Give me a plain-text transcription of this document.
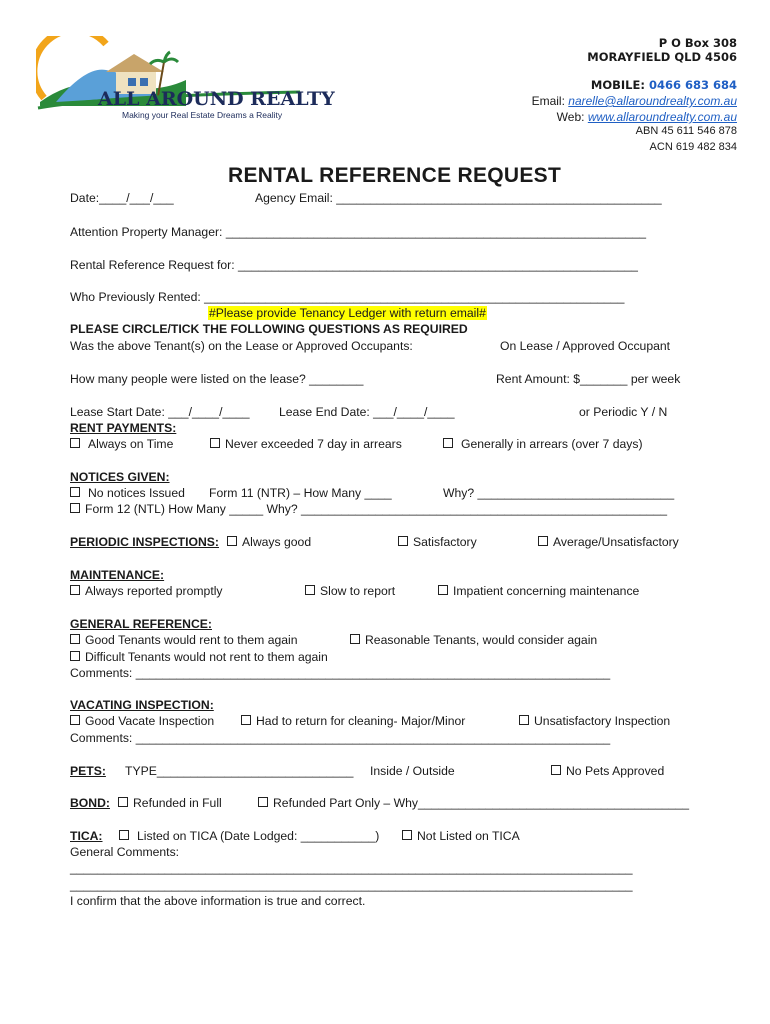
ALL AROUND REALTY
Making your Real Estate Dreams a Reality
P O Box 308
MORAYFIELD QLD 4506
MOBILE: 0466 683 684
Email: narelle@allaroundrealty.com.au
Web: www.allaroundrealty.com.au
ABN 45 611 546 878
ACN 619 482 834
RENTAL REFERENCE REQUEST
Date:____/___/___	Agency Email: ________________________________________________
Attention Property Manager: ______________________________________________________________
Rental Reference Request for: ___________________________________________________________
Who Previously Rented: ______________________________________________________________
#Please provide Tenancy Ledger with return email#
PLEASE CIRCLE/TICK THE FOLLOWING QUESTIONS AS REQUIRED
Was the above Tenant(s) on the Lease or Approved Occupants:	On Lease / Approved Occupant
How many people were listed on the lease? ________	Rent Amount: $_______ per week
Lease Start Date: ___/____/____ Lease End Date: ___/____/____	or Periodic Y / N
RENT PAYMENTS:
Always on Time	Never exceeded 7 day in arrears	Generally in arrears (over 7 days)
NOTICES GIVEN:
No notices Issued Form 11 (NTR) – How Many ____	Why? _____________________________
Form 12 (NTL) How Many _____ Why? ______________________________________________________
PERIODIC INSPECTIONS:	Always good	Satisfactory	Average/Unsatisfactory
MAINTENANCE:
Always reported promptly	Slow to report	Impatient concerning maintenance
GENERAL REFERENCE:
Good Tenants would rent to them again	Reasonable Tenants, would consider again
Difficult Tenants would not rent to them again
Comments: ______________________________________________________________________
VACATING INSPECTION:
Good Vacate Inspection	Had to return for cleaning- Major/Minor	Unsatisfactory Inspection
Comments: ______________________________________________________________________
PETS: TYPE_____________________________ Inside / Outside	No Pets Approved
BOND:	Refunded in Full	Refunded Part Only – Why________________________________________
TICA:	Listed on TICA (Date Lodged: ___________)	Not Listed on TICA
General Comments:
___________________________________________________________________________________
___________________________________________________________________________________
I confirm that the above information is true and correct.
